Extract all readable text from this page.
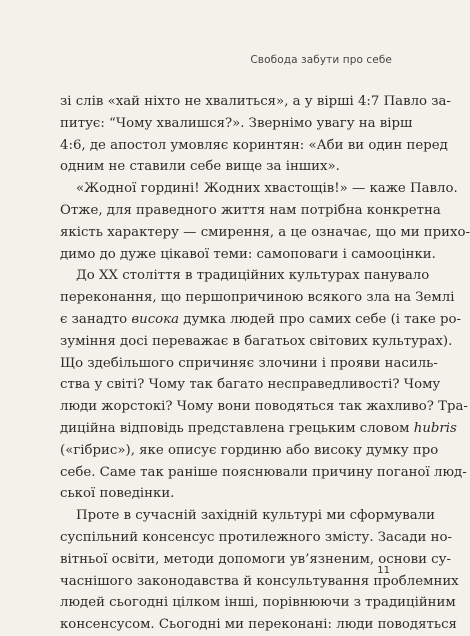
Свобода забути про себе
зі слів «хай ніхто не хвалиться», а у вірші 4:7 Павло за-
питує: “Чому хвалишся?». Звернімо увагу на вірш
4:6, де апостол умовляє коринтян: «Аби ви один перед
одним не ставили себе вище за інших».
«Жодної гордині! Жодних хвастощів!» — каже Павло.
Отже, для праведного життя нам потрібна конкретна
якість характеру — смирення, а це означає, що ми прихо-
димо до дуже цікавої теми: самоповаги і самооцінки.
До XX століття в традиційних культурах панувало
переконання, що першопричиною всякого зла на Землі
є занадто висока думка людей про самих себе (і таке ро-
зуміння досі переважає в багатьох світових культурах).
Що здебільшого спричиняє злочини і прояви насиль-
ства у світі? Чому так багато несправедливості? Чому
люди жорстокі? Чому вони поводяться так жахливо? Тра-
диційна відповідь представлена грецьким словом hubris
(«гібрис»), яке описує гординю або високу думку про
себе. Саме так раніше пояснювали причину поганої люд-
ської поведінки.
Проте в сучасній західній культурі ми сформували
суспільний консенсус протилежного змісту. Засади но-
вітньої освіти, методи допомоги ув’язненим, основи су-
часнішого законодавства й консультування проблемних
людей сьогодні цілком інші, порівнюючи з традиційним
консенсусом. Сьогодні ми переконані: люди поводяться
11
